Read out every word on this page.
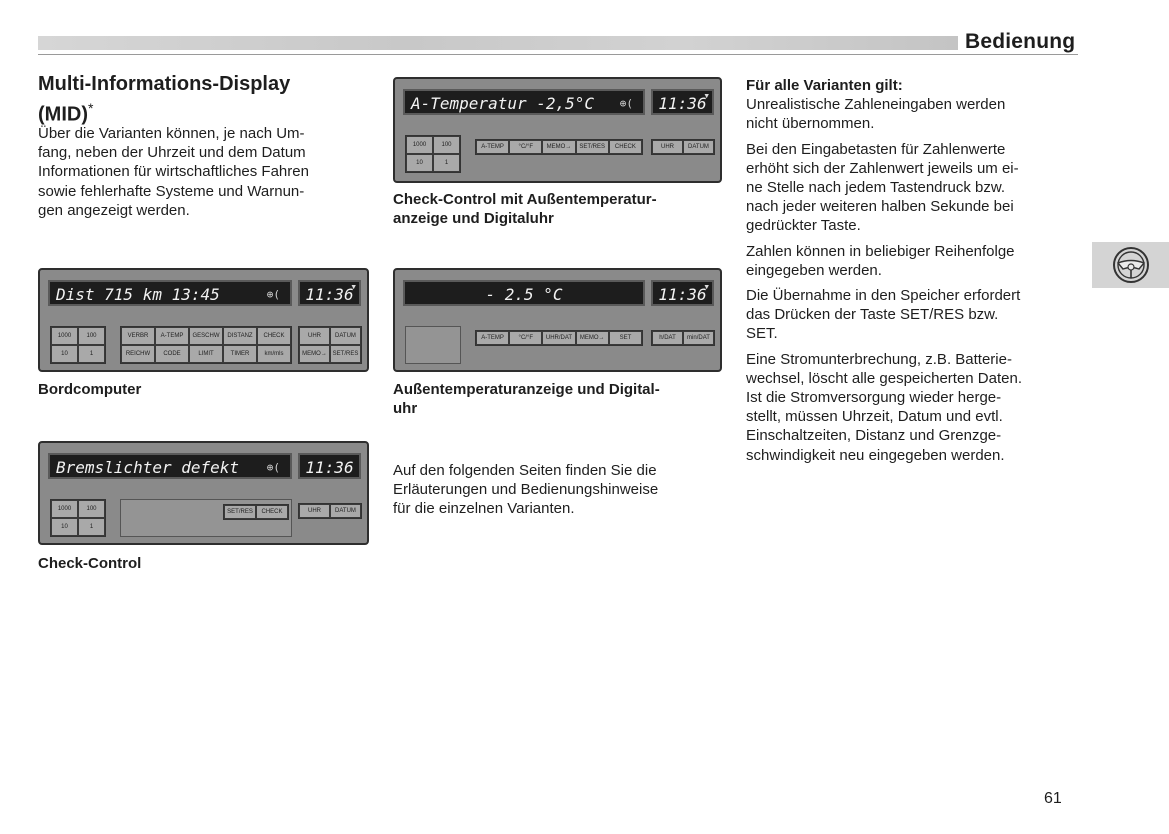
Bedienung
Multi-Informations-Display
(MID)*
Über die Varianten können, je nach Um-
fang, neben der Uhrzeit und dem Datum
Informationen für wirtschaftliches Fahren
sowie fehlerhafte Systeme und Warnun-
gen angezeigt werden.
Dist 715 km 13:45	⊕(	11:36
▾
1000	100
10	1
VERBR	A-TEMP	GESCHW	DISTANZ	CHECK
REICHW	CODE	LIMIT	TIMER	km/mls
UHR	DATUM
MEMO→ SET/RES
Bordcomputer
Bremslichter defekt	⊕(	11:36
1000	100
10	1
SET/RES	CHECK	UHR	DATUM
Check-Control
A-Temperatur -2,5°C ⊕(	11:36
▾
1000	100
10	1
A-TEMP	°C/°F	MEMO→	SET/RES	CHECK	UHR	DATUM
Check-Control mit Außentemperatur-
anzeige und Digitaluhr
- 2.5 °C	11:36
▾
A-TEMP	°C/°F	UHR/DAT	MEMO→	SET	h/DAT	min/DAT
Außentemperaturanzeige und Digital-
uhr
Auf den folgenden Seiten finden Sie die
Erläuterungen und Bedienungshinweise
für die einzelnen Varianten.
Für alle Varianten gilt:

Unrealistische Zahleneingaben werden
nicht übernommen.

Bei den Eingabetasten für Zahlenwerte
erhöht sich der Zahlenwert jeweils um ei-
ne Stelle nach jedem Tastendruck bzw.
nach jeder weiteren halben Sekunde bei
gedrückter Taste.

Zahlen können in beliebiger Reihenfolge
eingegeben werden.

Die Übernahme in den Speicher erfordert
das Drücken der Taste SET/RES bzw.
SET.

Eine Stromunterbrechung, z.B. Batterie-
wechsel, löscht alle gespeicherten Daten.
Ist die Stromversorgung wieder herge-
stellt, müssen Uhrzeit, Datum und evtl.
Einschaltzeiten, Distanz und Grenzge-
schwindigkeit neu eingegeben werden.

61
